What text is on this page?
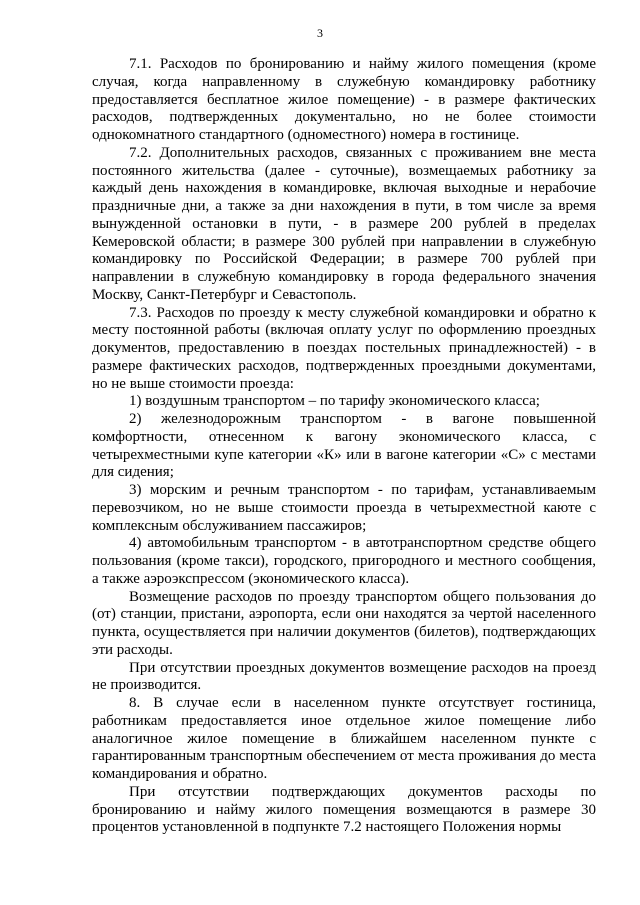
3

7.1. Расходов по бронированию и найму жилого помещения (кроме случая, когда направленному в служебную командировку работнику предоставляется бесплатное жилое помещение) - в размере фактических расходов, подтвержденных документально, но не более стоимости однокомнатного стандартного (одноместного) номера в гостинице.

7.2. Дополнительных расходов, связанных с проживанием вне места постоянного жительства (далее - суточные), возмещаемых работнику за каждый день нахождения в командировке, включая выходные и нерабочие праздничные дни, а также за дни нахождения в пути, в том числе за время вынужденной остановки в пути, - в размере 200 рублей в пределах Кемеровской области; в размере 300 рублей при направлении в служебную командировку по Российской Федерации; в размере 700 рублей при направлении в служебную командировку в города федерального значения Москву, Санкт-Петербург и Севастополь.

7.3. Расходов по проезду к месту служебной командировки и обратно к месту постоянной работы (включая оплату услуг по оформлению проездных документов, предоставлению в поездах постельных принадлежностей) - в размере фактических расходов, подтвержденных проездными документами, но не выше стоимости проезда:

1) воздушным транспортом – по тарифу экономического класса;

2) железнодорожным транспортом - в вагоне повышенной комфортности, отнесенном к вагону экономического класса, с четырехместными купе категории «К» или в вагоне категории «С» с местами для сидения;

3) морским и речным транспортом - по тарифам, устанавливаемым перевозчиком, но не выше стоимости проезда в четырехместной каюте с комплексным обслуживанием пассажиров;

4) автомобильным транспортом - в автотранспортном средстве общего пользования (кроме такси), городского, пригородного и местного сообщения, а также аэроэкспрессом (экономического класса).

Возмещение расходов по проезду транспортом общего пользования до (от) станции, пристани, аэропорта, если они находятся за чертой населенного пункта, осуществляется при наличии документов (билетов), подтверждающих эти расходы.

При отсутствии проездных документов возмещение расходов на проезд не производится.

8. В случае если в населенном пункте отсутствует гостиница, работникам предоставляется иное отдельное жилое помещение либо аналогичное жилое помещение в ближайшем населенном пункте с гарантированным транспортным обеспечением от места проживания до места командирования и обратно.

При отсутствии подтверждающих документов расходы по бронированию и найму жилого помещения возмещаются в размере 30 процентов установленной в подпункте 7.2 настоящего Положения нормы
